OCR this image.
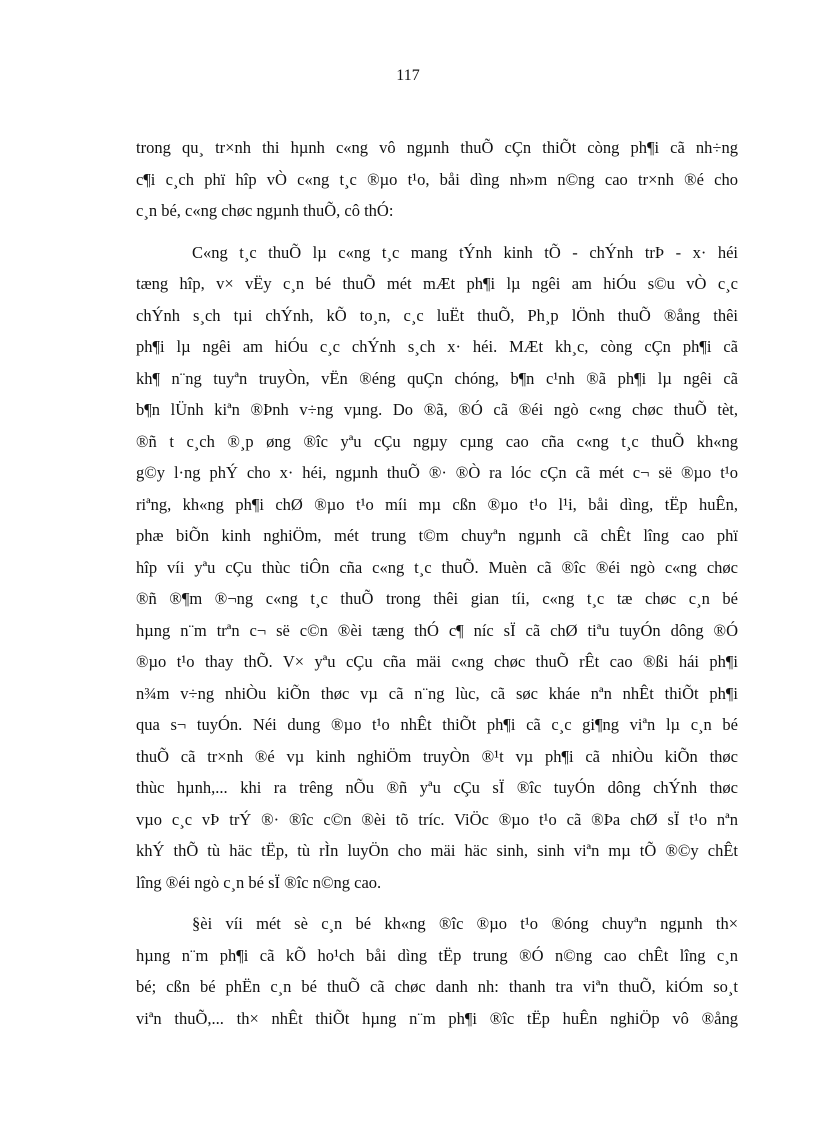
117
trong qu¸ tr×nh thi hµnh c«ng vô ngµnh thuÕ cÇn thiÕt còng ph¶i cã nh÷ng
c¶i c¸ch phï hîp vÒ c«ng t¸c ®µo t¹o, båi dìng nh»m n©ng cao tr×nh ®é cho
c¸n bé, c«ng chøc ngµnh thuÕ, cô thÓ:
C«ng t¸c thuÕ lµ c«ng t¸c mang tÝnh kinh tÕ - chÝnh trÞ - x· héi
tæng hîp, v× vËy c¸n bé thuÕ mét mÆt ph¶i lµ ngêi am hiÓu s©u vÒ c¸c
chÝnh s¸ch tµi chÝnh, kÕ to¸n, c¸c luËt thuÕ, Ph¸p lÖnh thuÕ ®ång thêi
ph¶i lµ ngêi am hiÓu c¸c chÝnh s¸ch x· héi. MÆt kh¸c, còng cÇn ph¶i cã
kh¶ n¨ng tuyªn truyÒn, vËn ®éng quÇn chóng, b¶n c¹nh ®ã ph¶i lµ ngêi cã
b¶n lÜnh kiªn ®Þnh v÷ng vµng. Do ®ã, ®Ó cã ®éi ngò c«ng chøc thuÕ tèt,
®ñ t c¸ch ®¸p øng ®îc yªu cÇu ngµy cµng cao cña c«ng t¸c thuÕ kh«ng
g©y l·ng phÝ cho x· héi, ngµnh thuÕ ®· ®Ò ra lóc cÇn cã mét c¬ së ®µo t¹o
riªng, kh«ng ph¶i chØ ®µo t¹o míi mµ cßn ®µo t¹o l¹i, båi dìng, tËp huÊn,
phæ biÕn kinh nghiÖm, mét trung t©m chuyªn ngµnh cã chÊt lîng cao phï
hîp víi yªu cÇu thùc tiÔn cña c«ng t¸c thuÕ. Muèn cã ®îc ®éi ngò c«ng chøc
®ñ ®¶m ®¬ng c«ng t¸c thuÕ trong thêi gian tíi, c«ng t¸c tæ chøc c¸n bé
hµng n¨m trªn c¬ së c©n ®èi tæng thÓ c¶ níc sÏ cã chØ tiªu tuyÓn dông ®Ó
®µo t¹o thay thÕ. V× yªu cÇu cña mäi c«ng chøc thuÕ rÊt cao ®ßi hái ph¶i
n¾m v÷ng nhiÒu kiÕn thøc vµ cã n¨ng lùc, cã søc kháe nªn nhÊt thiÕt ph¶i
qua s¬ tuyÓn. Néi dung ®µo t¹o nhÊt thiÕt ph¶i cã c¸c gi¶ng viªn lµ c¸n bé
thuÕ cã tr×nh ®é vµ kinh nghiÖm truyÒn ®¹t vµ ph¶i cã nhiÒu kiÕn thøc
thùc hµnh,... khi ra trêng nÕu ®ñ yªu cÇu sÏ ®îc tuyÓn dông chÝnh thøc
vµo c¸c vÞ trÝ ®· ®îc c©n ®èi tõ tríc. ViÖc ®µo t¹o cã ®Þa chØ sÏ t¹o nªn
khÝ thÕ tù häc tËp, tù rÌn luyÖn cho mäi häc sinh, sinh viªn mµ tÕ ®©y chÊt
lîng ®éi ngò c¸n bé sÏ ®îc n©ng cao.
§èi víi mét sè c¸n bé kh«ng ®îc ®µo t¹o ®óng chuyªn ngµnh th×
hµng n¨m ph¶i cã kÕ ho¹ch båi dìng tËp trung ®Ó n©ng cao chÊt lîng c¸n
bé; cßn bé phËn c¸n bé thuÕ cã chøc danh nh: thanh tra viªn thuÕ, kiÓm so¸t
viªn thuÕ,... th× nhÊt thiÕt hµng n¨m ph¶i ®îc tËp huÊn nghiÖp vô ®ång
